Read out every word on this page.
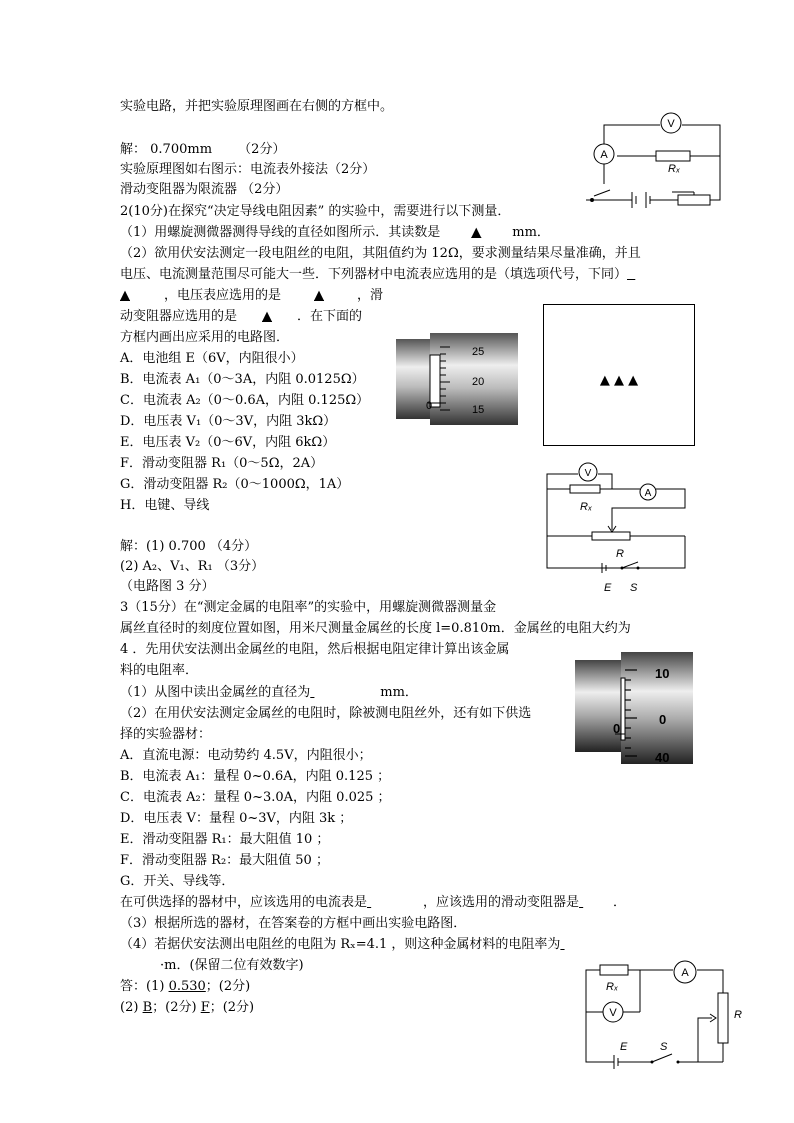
实验电路，并把实验原理图画在右侧的方框中。
解： 0.700mm （2分）
实验原理图如右图示：电流表外接法（2分）
滑动变阻器为限流器 （2分）
V
A
Rₓ
2(10分)在探究“决定导线电阻因素” 的实验中，需要进行以下测量．
（1）用螺旋测微器测得导线的直径如图所示．其读数是 ▲ mm．
（2）欲用伏安法测定一段电阻丝的电阻，其阻值约为 12Ω，要求测量结果尽量准确，并且
电压、电流测量范围尽可能大一些．下列器材中电流表应选用的是（填选项代号，下同）
▲	，电压表应选用的是	▲	，滑
动变阻器应选用的是 ▲ ．在下面的
方框内画出应采用的电路图．
A．电池组 E（6V，内阻很小）
B．电流表 A₁（0～3A，内阻 0.0125Ω）
C．电流表 A₂（0～0.6A，内阻 0.125Ω）
D．电压表 V₁（0～3V，内阻 3kΩ）
E．电压表 V₂（0～6V，内阻 6kΩ）
F．滑动变阻器 R₁（0～5Ω，2A）
G．滑动变阻器 R₂（0～1000Ω，1A）
H．电键、导线
解：(1) 0.700 （4分）
(2) A₂、V₁、R₁ （3分）
（电路图 3 分）
25
20
15
0
▲ ▲ ▲
V
A
Rₓ
R
E S
3（15分）在“测定金属的电阻率”的实验中，用螺旋测微器测量金
属丝直径时的刻度位置如图，用米尺测量金属丝的长度 l=0.810m．金属丝的电阻大约为
4 ．先用伏安法测出金属丝的电阻，然后根据电阻定律计算出该金属
料的电阻率．
（1）从图中读出金属丝的直径为	mm．
（2）在用伏安法测定金属丝的电阻时，除被测电阻丝外，还有如下供选
择的实验器材：
A．直流电源：电动势约 4.5V，内阻很小；
B．电流表 A₁：量程 0~0.6A，内阻 0.125 ；
C．电流表 A₂：量程 0~3.0A，内阻 0.025 ；
D．电压表 V：量程 0~3V，内阻 3k ；
E．滑动变阻器 R₁：最大阻值 10 ；
F．滑动变阻器 R₂：最大阻值 50 ；
G．开关、导线等．
在可供选择的器材中，应该选用的电流表是	，应该选用的滑动变阻器是	．
（3）根据所选的器材，在答案卷的方框中画出实验电路图．
（4）若据伏安法测出电阻丝的电阻为 Rₓ=4.1 ，则这种金属材料的电阻率为
·m．(保留二位有效数字)
答：(1) 0.530；(2分)
(2) B；(2分) F；(2分)
10
0
40
0
A
V
Rₓ
R
E	S
